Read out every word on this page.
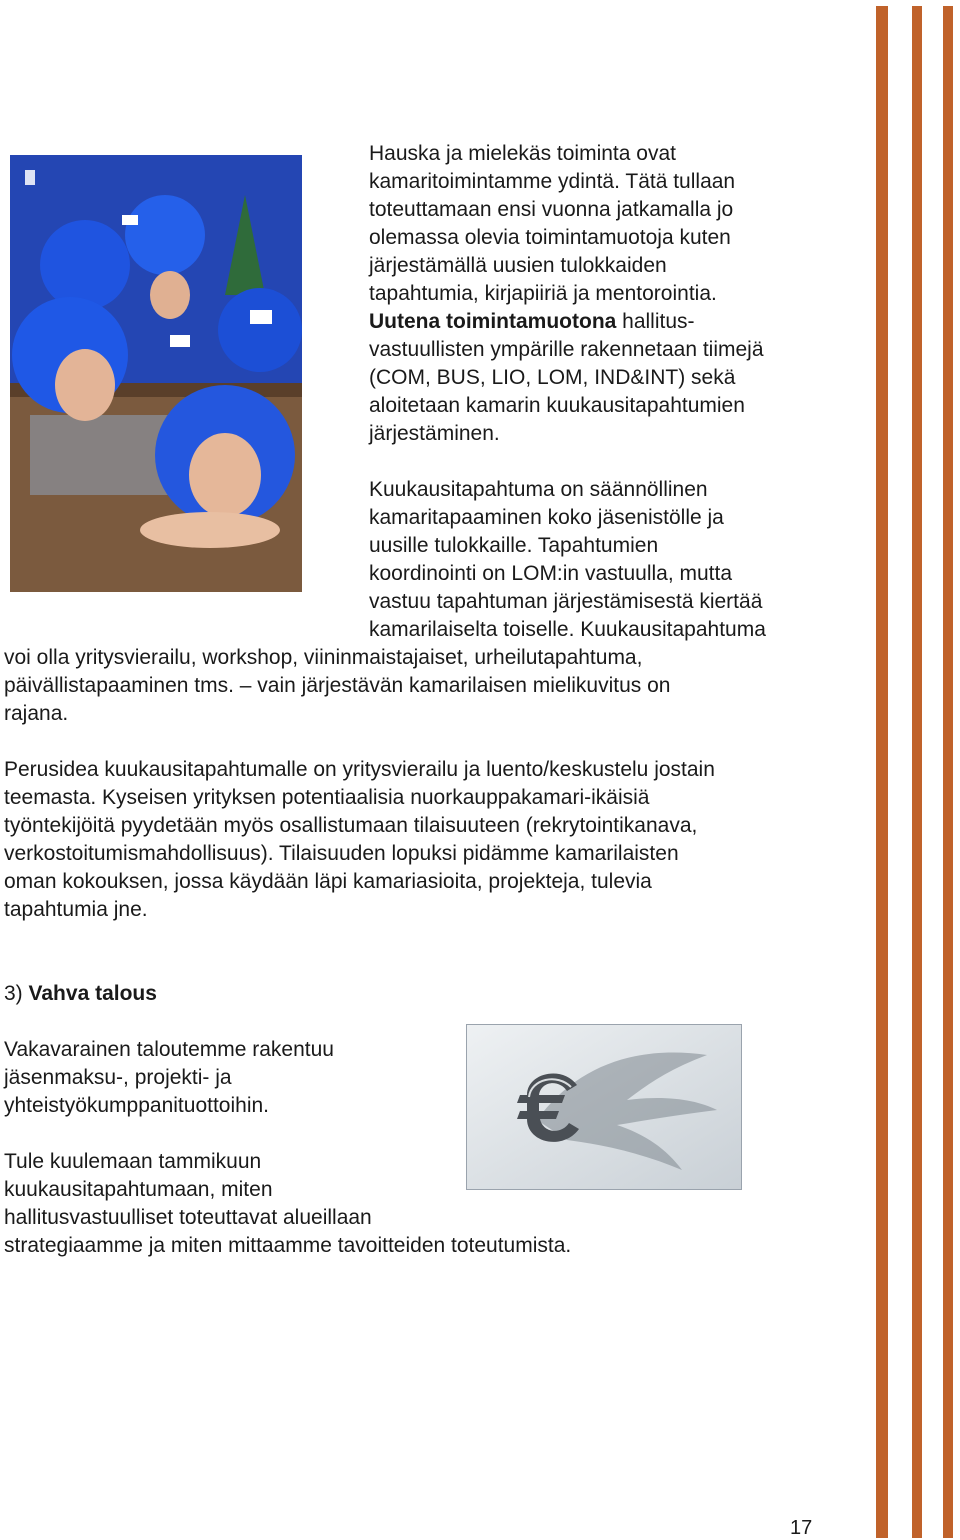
Hauska ja mielekäs toiminta ovat

kamaritoimintamme ydintä. Tätä tullaan

toteuttamaan ensi vuonna jatkamalla jo

olemassa olevia toimintamuotoja kuten

järjestämällä uusien tulokkaiden

tapahtumia, kirjapiiriä ja mentorointia.

Uutena toimintamuotona hallitus-

vastuullisten ympärille rakennetaan tiimejä

(COM, BUS, LIO, LOM, IND&INT) sekä

aloitetaan kamarin kuukausitapahtumien

järjestäminen.

Kuukausitapahtuma on säännöllinen

kamaritapaaminen koko jäsenistölle ja

uusille tulokkaille. Tapahtumien

koordinointi on LOM:in vastuulla, mutta

vastuu tapahtuman järjestämisestä kiertää

kamarilaiselta toiselle. Kuukausitapahtuma

voi olla yritysvierailu, workshop, viininmaistajaiset, urheilutapahtuma,

päivällistapaaminen tms. – vain järjestävän kamarilaisen mielikuvitus on

rajana.

Perusidea kuukausitapahtumalle on yritysvierailu ja luento/keskustelu jostain

teemasta. Kyseisen yrityksen potentiaalisia nuorkauppakamari-ikäisiä

työntekijöitä pyydetään myös osallistumaan tilaisuuteen (rekrytointikanava,

verkostoitumismahdollisuus). Tilaisuuden lopuksi pidämme kamarilaisten

oman kokouksen, jossa käydään läpi kamariasioita, projekteja, tulevia

tapahtumia jne.

3) Vahva talous

Vakavarainen taloutemme rakentuu

jäsenmaksu-, projekti- ja

yhteistyökumppanituottoihin.

Tule kuulemaan tammikuun

kuukausitapahtumaan, miten

hallitusvastuulliset toteuttavat alueillaan

strategiaamme ja miten mittaamme tavoitteiden toteutumista.

17
